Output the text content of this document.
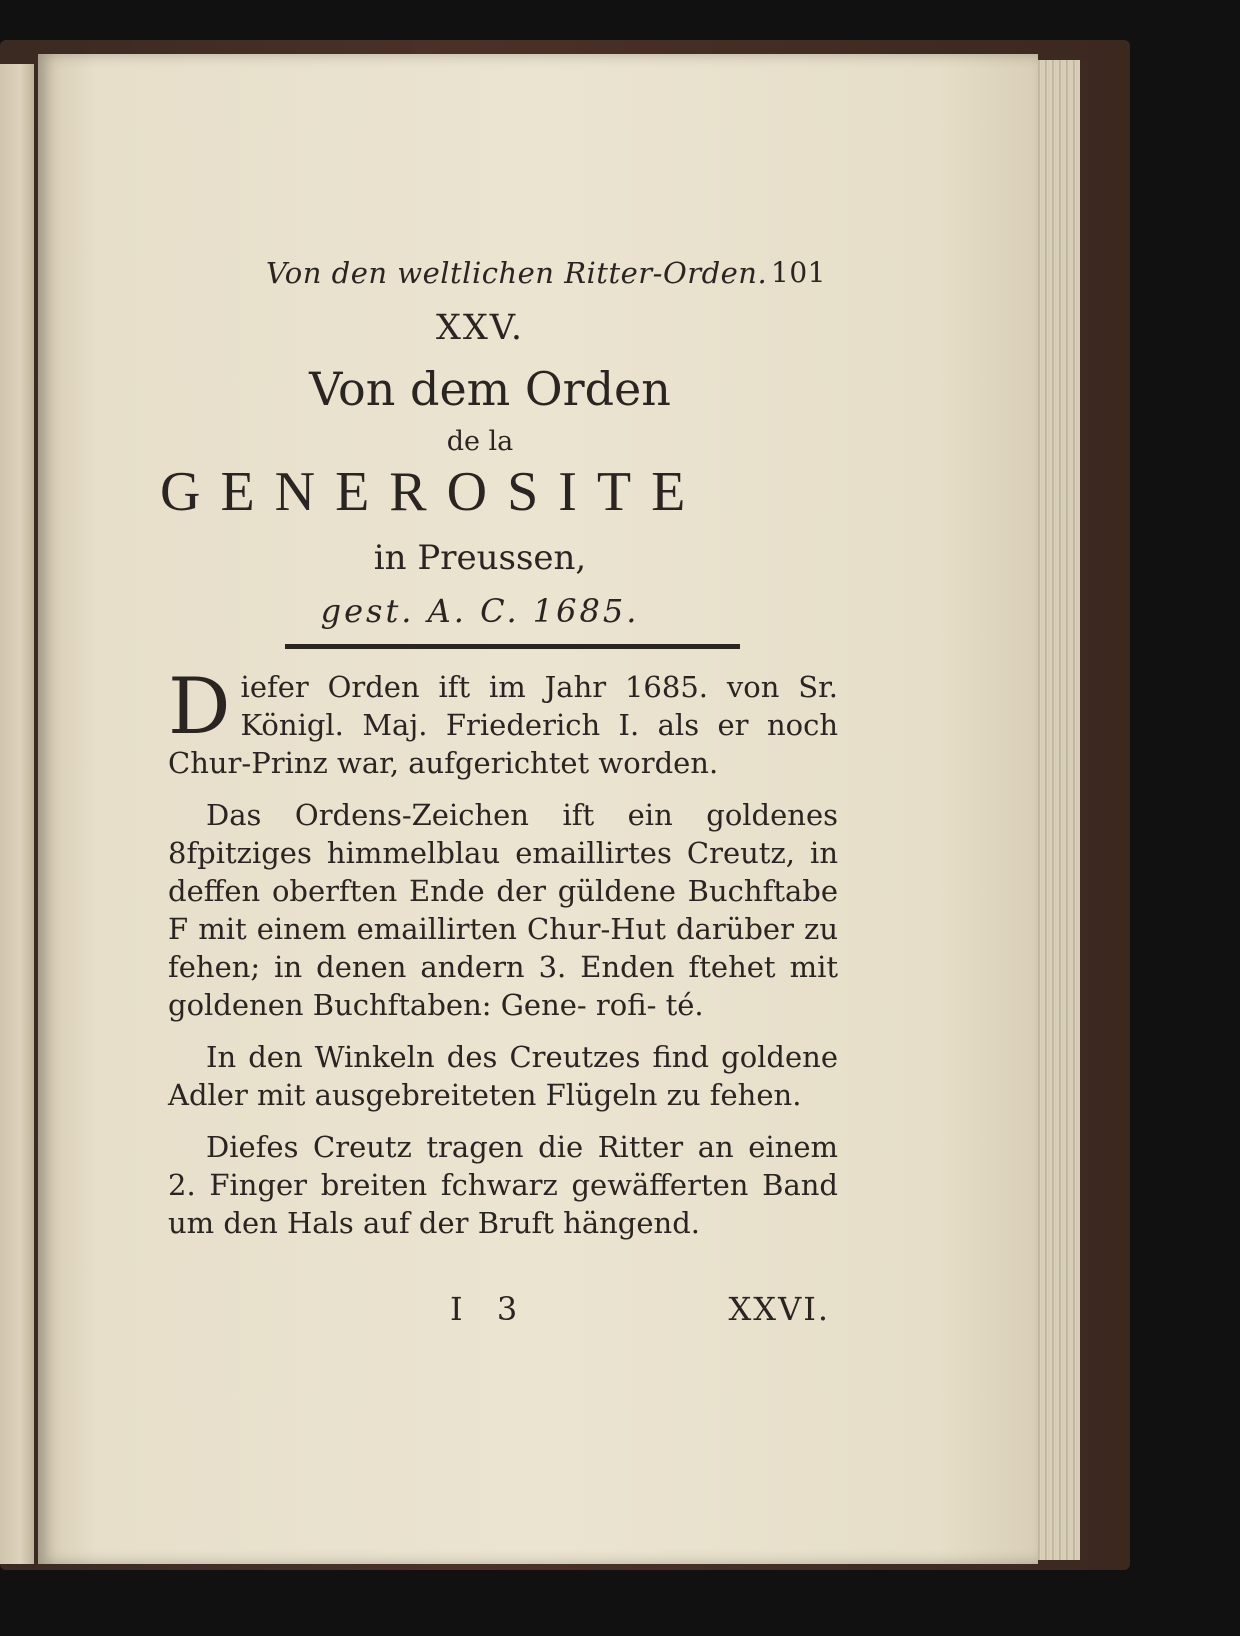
Von den weltlichen Ritter-Orden. 101
XXV.
Von dem Orden
de la
GENEROSITE
in Preussen,
gest. A. C. 1685.

D iefer Orden ift im Jahr 1685. von Sr. Königl. Maj. Friederich I. als er noch Chur-Prinz war, aufgerichtet worden.

Das Ordens-Zeichen ift ein goldenes 8fpitziges himmelblau emaillirtes Creutz, in deffen oberften Ende der güldene Buchftabe F mit einem emaillirten Chur-Hut darüber zu fehen; in denen andern 3. Enden ftehet mit goldenen Buchftaben: Gene- rofi- té.

In den Winkeln des Creutzes find goldene Adler mit ausgebreiteten Flügeln zu fehen.

Diefes Creutz tragen die Ritter an einem 2. Finger breiten fchwarz gewäfferten Band um den Hals auf der Bruft hängend.

I 3	XXVI.
